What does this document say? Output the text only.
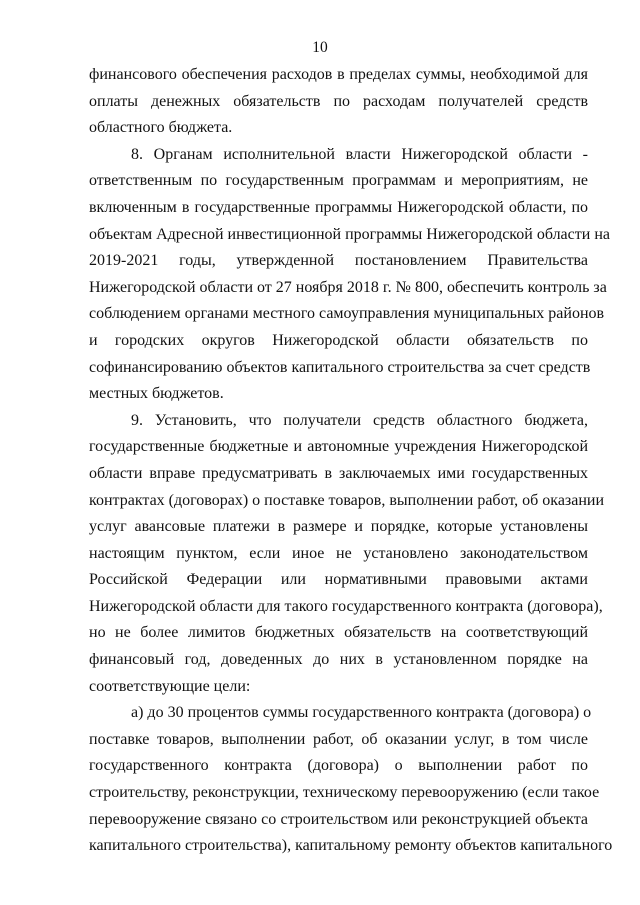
10
финансового обеспечения расходов в пределах суммы, необходимой для
оплаты денежных обязательств по расходам получателей средств
областного бюджета.
8. Органам исполнительной власти Нижегородской области -
ответственным по государственным программам и мероприятиям, не
включенным в государственные программы Нижегородской области, по
объектам Адресной инвестиционной программы Нижегородской области на
2019-2021 годы, утвержденной постановлением Правительства
Нижегородской области от 27 ноября 2018 г. № 800, обеспечить контроль за
соблюдением органами местного самоуправления муниципальных районов
и городских округов Нижегородской области обязательств по
софинансированию объектов капитального строительства за счет средств
местных бюджетов.
9. Установить, что получатели средств областного бюджета,
государственные бюджетные и автономные учреждения Нижегородской
области вправе предусматривать в заключаемых ими государственных
контрактах (договорах) о поставке товаров, выполнении работ, об оказании
услуг авансовые платежи в размере и порядке, которые установлены
настоящим пунктом, если иное не установлено законодательством
Российской Федерации или нормативными правовыми актами
Нижегородской области для такого государственного контракта (договора),
но не более лимитов бюджетных обязательств на соответствующий
финансовый год, доведенных до них в установленном порядке на
соответствующие цели:
а) до 30 процентов суммы государственного контракта (договора) о
поставке товаров, выполнении работ, об оказании услуг, в том числе
государственного контракта (договора) о выполнении работ по
строительству, реконструкции, техническому перевооружению (если такое
перевооружение связано со строительством или реконструкцией объекта
капитального строительства), капитальному ремонту объектов капитального
